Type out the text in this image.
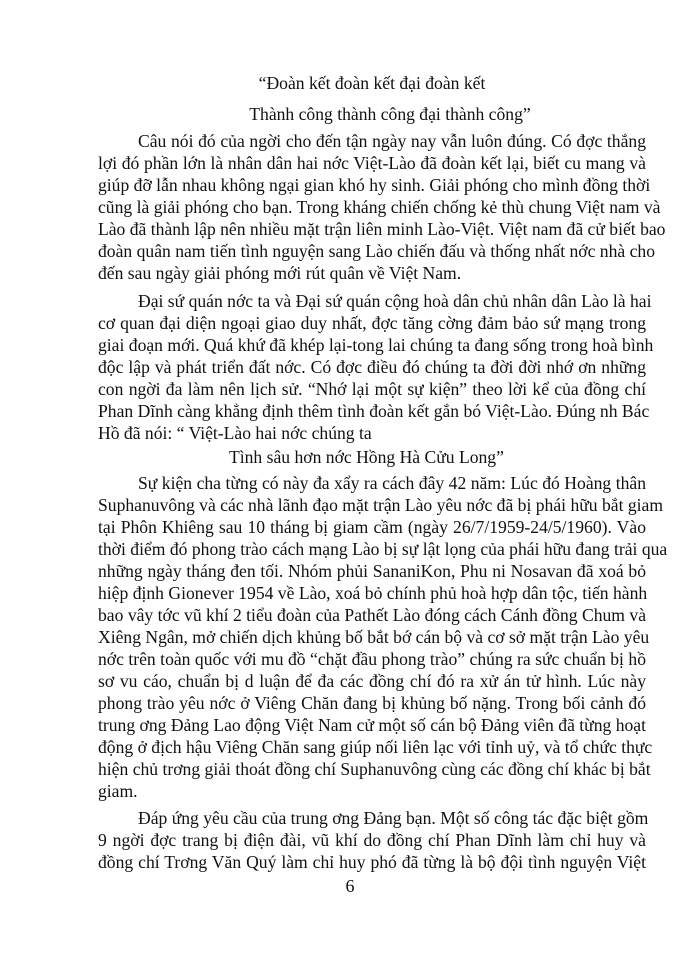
“Đoàn kết đoàn kết đại đoàn kết
Thành công thành công đại thành công”
Câu nói đó của ngời cho đến tận ngày nay vẫn luôn đúng. Có đợc thắng
lợi đó phần lớn là nhân dân hai nớc Việt-Lào đã đoàn kết lại, biết cu mang và
giúp đỡ lẫn nhau không ngại gian khó hy sinh. Giải phóng cho mình đồng thời
cũng là giải phóng cho bạn. Trong kháng chiến chống kẻ thù chung Việt nam và
Lào đã thành lập nên nhiều mặt trận liên minh Lào-Việt. Việt nam đã cử biết bao
đoàn quân nam tiến tình nguyện sang Lào chiến đấu và thống nhất nớc nhà cho
đến sau ngày giải phóng mới rút quân về Việt Nam.
Đại sứ quán nớc ta và Đại sứ quán cộng hoà dân chủ nhân dân Lào là hai
cơ quan đại diện ngoại giao duy nhất, đợc tăng cờng đảm bảo sứ mạng trong
giai đoạn mới. Quá khứ đã khép lại-tong lai chúng ta đang sống trong hoà bình
độc lập và phát triển đất nớc. Có đợc điều đó chúng ta đời đời nhớ ơn những
con ngời đa làm nên lịch sử. “Nhớ lại một sự kiện” theo lời kể của đồng chí
Phan Dĩnh càng khẳng định thêm tình đoàn kết gắn bó Việt-Lào. Đúng nh Bác
Hồ đã nói: “ Việt-Lào hai nớc chúng ta
Tình sâu hơn nớc Hồng Hà Cửu Long”
Sự kiện cha từng có này đa xẩy ra cách đây 42 năm: Lúc đó Hoàng thân
Suphanuvông và các nhà lãnh đạo mặt trận Lào yêu nớc đã bị phái hữu bắt giam
tại Phôn Khiêng sau 10 tháng bị giam cầm (ngày 26/7/1959-24/5/1960). Vào
thời điểm đó phong trào cách mạng Lào bị sự lật lọng của phái hữu đang trải qua
những ngày tháng đen tối. Nhóm phủi SananiKon, Phu ni Nosavan đã xoá bỏ
hiệp định Gionever 1954 về Lào, xoá bỏ chính phủ hoà hợp dân tộc, tiến hành
bao vây tớc vũ khí 2 tiểu đoàn của Pathết Lào đóng cách Cánh đồng Chum và
Xiêng Ngân, mở chiến dịch khủng bố bắt bớ cán bộ và cơ sở mặt trận Lào yêu
nớc trên toàn quốc với mu đồ “chặt đầu phong trào” chúng ra sức chuẩn bị hồ
sơ vu cáo, chuẩn bị d luận để đa các đồng chí đó ra xử án tử hình. Lúc này
phong trào yêu nớc ở Viêng Chăn đang bị khủng bố nặng. Trong bối cảnh đó
trung ơng Đảng Lao động Việt Nam cử một số cán bộ Đảng viên đã từng hoạt
động ở địch hậu Viêng Chăn sang giúp nối liên lạc với tỉnh uỷ, và tổ chức thực
hiện chủ trơng giải thoát đồng chí Suphanuvông cùng các đồng chí khác bị bắt
giam.
Đáp ứng yêu cầu của trung ơng Đảng bạn. Một số công tác đặc biệt gồm
9 ngời đợc trang bị điện đài, vũ khí do đồng chí Phan Dĩnh làm chỉ huy và
đồng chí Trơng Văn Quý làm chỉ huy phó đã từng là bộ đội tình nguyện Việt
6
